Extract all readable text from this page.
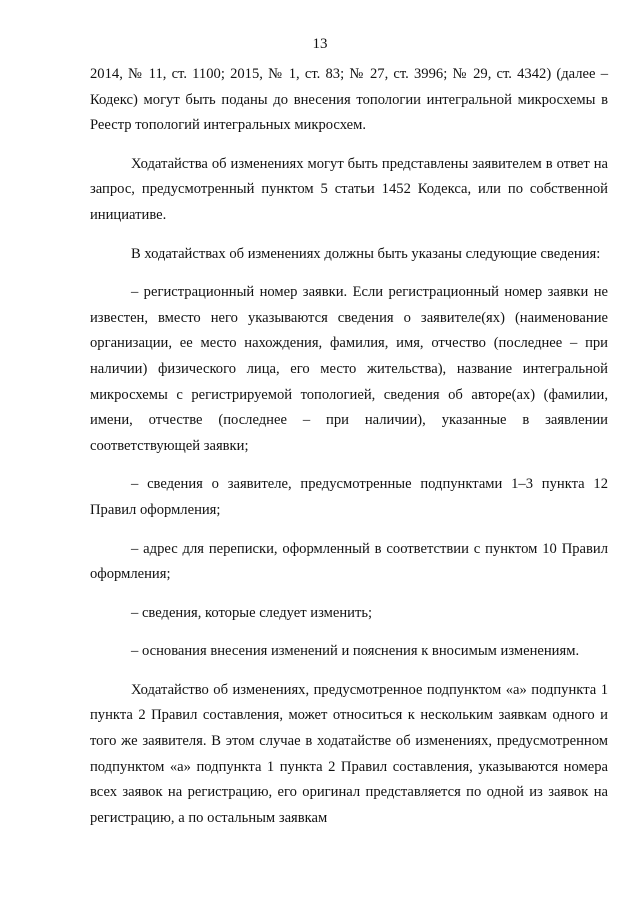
13

2014, № 11, ст. 1100; 2015, № 1, ст. 83; № 27, ст. 3996; № 29, ст. 4342) (далее – Кодекс) могут быть поданы до внесения топологии интегральной микросхемы в Реестр топологий интегральных микросхем.

Ходатайства об изменениях могут быть представлены заявителем в ответ на запрос, предусмотренный пунктом 5 статьи 1452 Кодекса, или по собственной инициативе.

В ходатайствах об изменениях должны быть указаны следующие сведения:

– регистрационный номер заявки. Если регистрационный номер заявки не известен, вместо него указываются сведения о заявителе(ях) (наименование организации, ее место нахождения, фамилия, имя, отчество (последнее – при наличии) физического лица, его место жительства), название интегральной микросхемы с регистрируемой топологией, сведения об авторе(ах) (фамилии, имени, отчестве (последнее – при наличии), указанные в заявлении соответствующей заявки;

– сведения о заявителе, предусмотренные подпунктами 1–3 пункта 12 Правил оформления;

– адрес для переписки, оформленный в соответствии с пунктом 10 Правил оформления;

– сведения, которые следует изменить;

– основания внесения изменений и пояснения к вносимым изменениям.

Ходатайство об изменениях, предусмотренное подпунктом «а» подпункта 1 пункта 2 Правил составления, может относиться к нескольким заявкам одного и того же заявителя. В этом случае в ходатайстве об изменениях, предусмотренном подпунктом «а» подпункта 1 пункта 2 Правил составления, указываются номера всех заявок на регистрацию, его оригинал представляется по одной из заявок на регистрацию, а по остальным заявкам
